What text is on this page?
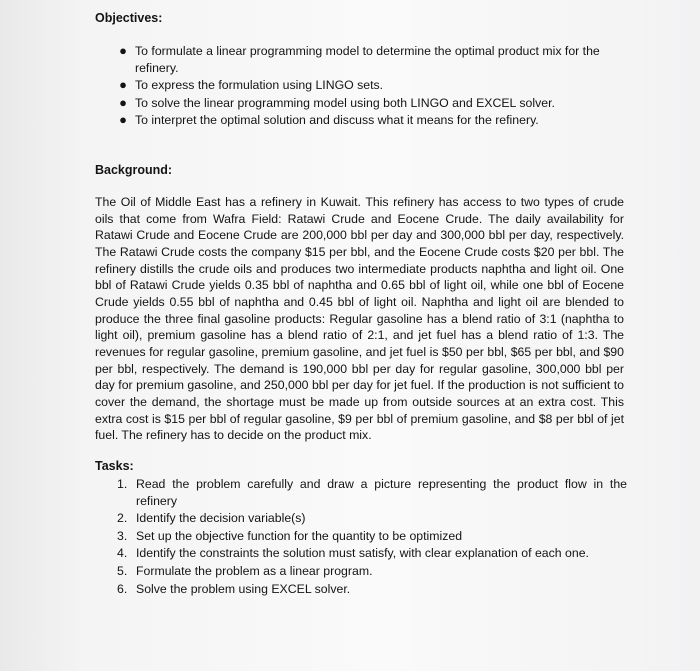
Objectives:
● To formulate a linear programming model to determine the optimal product mix for the refinery.
● To express the formulation using LINGO sets.
● To solve the linear programming model using both LINGO and EXCEL solver.
● To interpret the optimal solution and discuss what it means for the refinery.
Background:

The Oil of Middle East has a refinery in Kuwait. This refinery has access to two types of crude oils that come from Wafra Field: Ratawi Crude and Eocene Crude. The daily availability for Ratawi Crude and Eocene Crude are 200,000 bbl per day and 300,000 bbl per day, respectively. The Ratawi Crude costs the company $15 per bbl, and the Eocene Crude costs $20 per bbl. The refinery distills the crude oils and produces two intermediate products naphtha and light oil. One bbl of Ratawi Crude yields 0.35 bbl of naphtha and 0.65 bbl of light oil, while one bbl of Eocene Crude yields 0.55 bbl of naphtha and 0.45 bbl of light oil. Naphtha and light oil are blended to produce the three final gasoline products: Regular gasoline has a blend ratio of 3:1 (naphtha to light oil), premium gasoline has a blend ratio of 2:1, and jet fuel has a blend ratio of 1:3. The revenues for regular gasoline, premium gasoline, and jet fuel is $50 per bbl, $65 per bbl, and $90 per bbl, respectively. The demand is 190,000 bbl per day for regular gasoline, 300,000 bbl per day for premium gasoline, and 250,000 bbl per day for jet fuel. If the production is not sufficient to cover the demand, the shortage must be made up from outside sources at an extra cost. This extra cost is $15 per bbl of regular gasoline, $9 per bbl of premium gasoline, and $8 per bbl of jet fuel. The refinery has to decide on the product mix.

Tasks:
1. Read the problem carefully and draw a picture representing the product flow in the refinery
2. Identify the decision variable(s)
3. Set up the objective function for the quantity to be optimized
4. Identify the constraints the solution must satisfy, with clear explanation of each one.
5. Formulate the problem as a linear program.
6. Solve the problem using EXCEL solver.
